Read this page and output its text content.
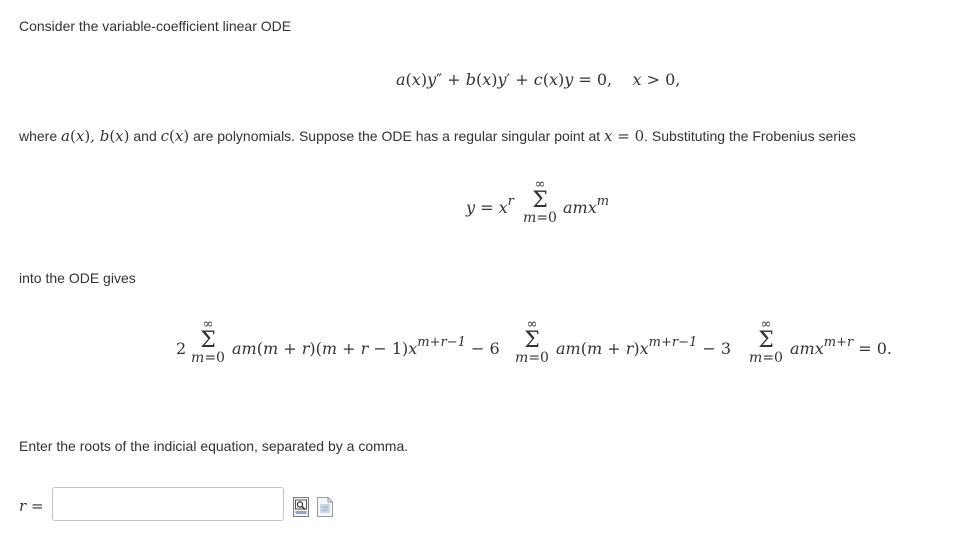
Consider the variable-coefficient linear ODE
a(x)y″ + b(x)y′ + c(x)y = 0,    x > 0,
where a(x), b(x) and c(x) are polynomials. Suppose the ODE has a regular singular point at x = 0. Substituting the Frobenius series
$y = x^r$
∞
Σ
m=0
amx$^m$
into the ODE gives
2
∞
Σ
m=0 $am(m + r)(m + r - 1)x^{m+r-1} - 6$
∞
Σ
m=0 $am(m + r)x^{m+r-1} - 3$
∞
Σ
m=0 amx$^{m+r}$ = 0.
Enter the roots of the indicial equation, separated by a comma.
r =
